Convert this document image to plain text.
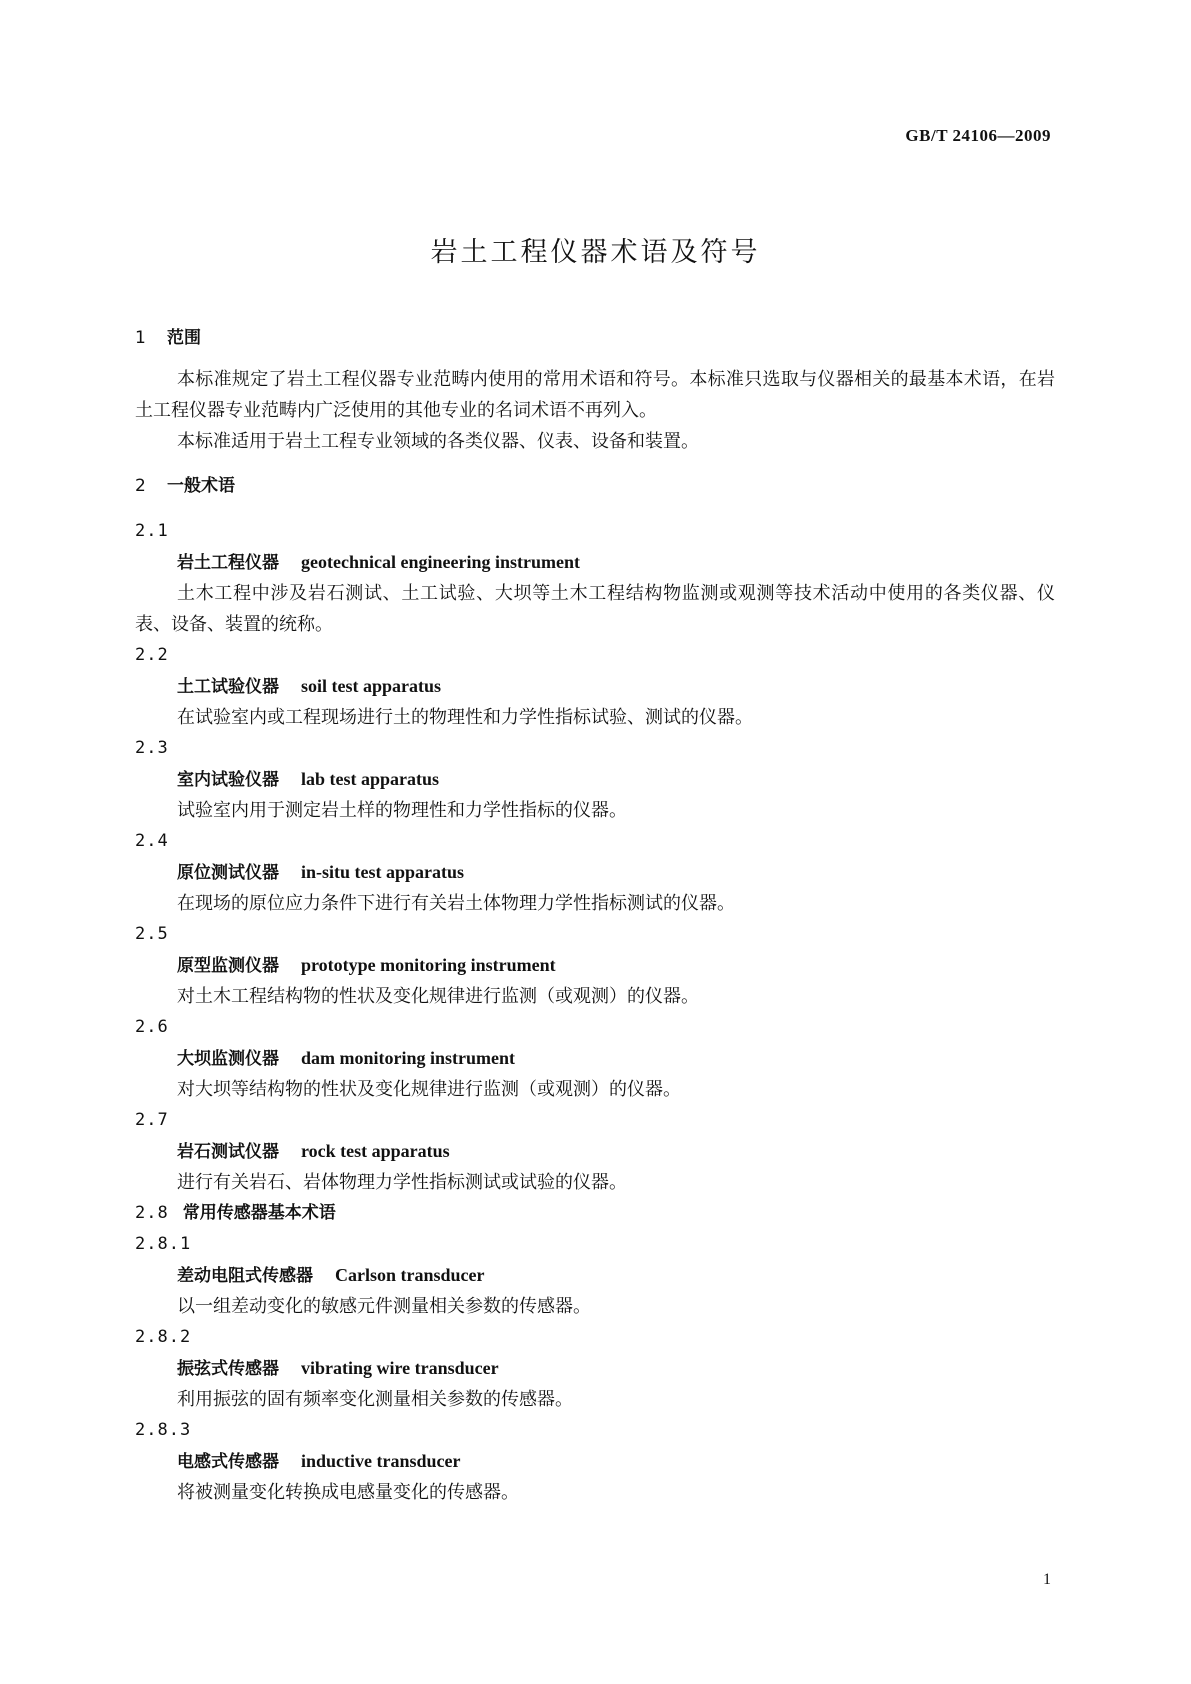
GB/T 24106—2009
岩土工程仪器术语及符号
1 范围

本标准规定了岩土工程仪器专业范畴内使用的常用术语和符号。本标准只选取与仪器相关的最基本术语，在岩土工程仪器专业范畴内广泛使用的其他专业的名词术语不再列入。

本标准适用于岩土工程专业领域的各类仪器、仪表、设备和装置。

2 一般术语
2.1
岩土工程仪器 geotechnical engineering instrument

土木工程中涉及岩石测试、土工试验、大坝等土木工程结构物监测或观测等技术活动中使用的各类仪器、仪表、设备、装置的统称。

2.2
土工试验仪器 soil test apparatus

在试验室内或工程现场进行土的物理性和力学性指标试验、测试的仪器。

2.3
室内试验仪器 lab test apparatus

试验室内用于测定岩土样的物理性和力学性指标的仪器。

2.4
原位测试仪器 in-situ test apparatus

在现场的原位应力条件下进行有关岩土体物理力学性指标测试的仪器。

2.5
原型监测仪器 prototype monitoring instrument

对土木工程结构物的性状及变化规律进行监测（或观测）的仪器。

2.6
大坝监测仪器 dam monitoring instrument

对大坝等结构物的性状及变化规律进行监测（或观测）的仪器。

2.7
岩石测试仪器 rock test apparatus

进行有关岩石、岩体物理力学性指标测试或试验的仪器。

2.8 常用传感器基本术语
2.8.1
差动电阻式传感器 Carlson transducer

以一组差动变化的敏感元件测量相关参数的传感器。

2.8.2
振弦式传感器 vibrating wire transducer

利用振弦的固有频率变化测量相关参数的传感器。

2.8.3
电感式传感器 inductive transducer

将被测量变化转换成电感量变化的传感器。

1
